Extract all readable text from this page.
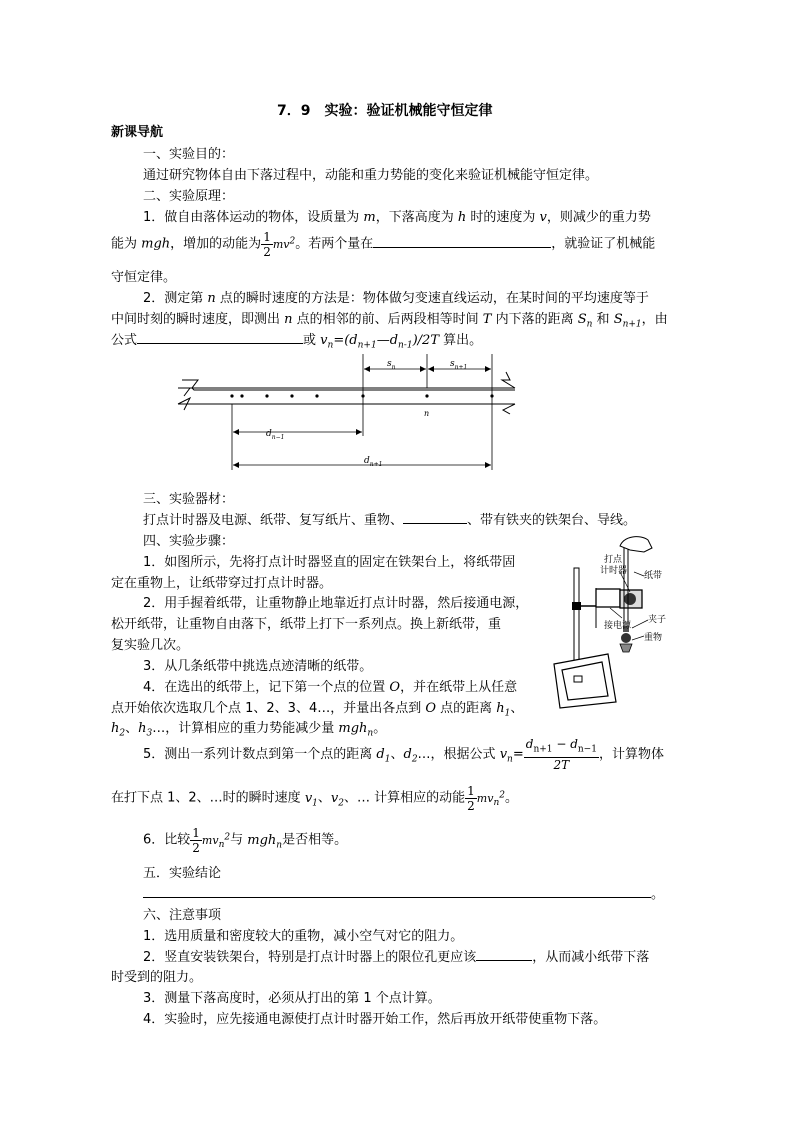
7．9　实验：验证机械能守恒定律
新课导航
一、实验目的：
通过研究物体自由下落过程中，动能和重力势能的变化来验证机械能守恒定律。
二、实验原理：
1．做自由落体运动的物体，设质量为 m，下落高度为 h 时的速度为 v，则减少的重力势
能为 mgh，增加的动能为 $\frac{1}{2} mv^2$。若两个量在	，就验证了机械能
守恒定律。
2．测定第 n 点的瞬时速度的方法是：物体做匀变速直线运动，在某时间的平均速度等于
中间时刻的瞬时速度，即测出 n 点的相邻的前、后两段相等时间 T 内下落的距离 $S_n$ 和 $S_{n+1}$，由
公式	或 $v_n=(d_{n+1}—d_{n-1})/2T$ 算出。
$s_n$	$s_{n+1}$
n
$d_{n-1}$
$d_{n+1}$
三、实验器材：
打点计时器及电源、纸带、复写纸片、重物、	、带有铁夹的铁架台、导线。
四、实验步骤：
1．如图所示，先将打点计时器竖直的固定在铁架台上，将纸带固
定在重物上，让纸带穿过打点计时器。
2．用手握着纸带，让重物静止地靠近打点计时器，然后接通电源，
松开纸带，让重物自由落下，纸带上打下一系列点。换上新纸带，重
复实验几次。
3．从几条纸带中挑选点迹清晰的纸带。
4．在选出的纸带上，记下第一个点的位置 O，并在纸带上从任意
点开始依次选取几个点 1、2、3、4…，并量出各点到 O 点的距离 $h_1$、
$h_2$、$h_3\dots$，计算相应的重力势能减少量 mgh$_n$。
5．测出一系列计数点到第一个点的距离 $d_1$、$d_2\dots$，根据公式 $v_n= \frac{d_{n+1} - d_{n-1}}{2T}$ ，计算物体
在打下点 1、2、…时的瞬时速度 $v_1$、$v_2$、… 计算相应的动能 $\frac{1}{2} mv_n^2$。
6．比较 $\frac{1}{2} mv_n^2$与 mgh$_n$是否相等。
打点
计时器 纸带
接电源
夹子
重物
五．实验结论
。
六、注意事项
1．选用质量和密度较大的重物，减小空气对它的阻力。
2．竖直安装铁架台，特别是打点计时器上的限位孔更应该	，从而减小纸带下落
时受到的阻力。
3．测量下落高度时，必须从打出的第 1 个点计算。
4．实验时，应先接通电源使打点计时器开始工作，然后再放开纸带使重物下落。
